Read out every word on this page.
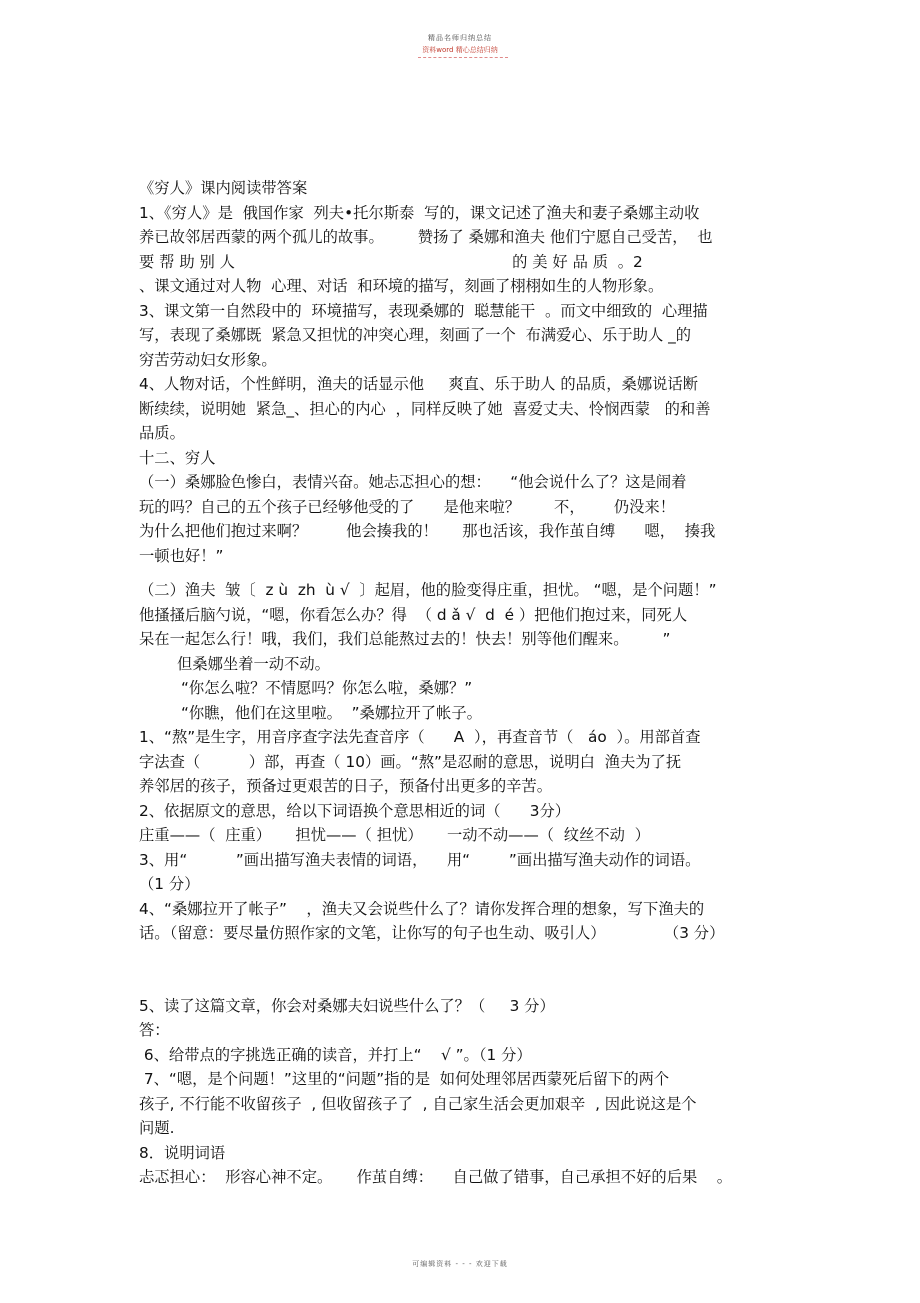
精品名师归纳总结
资料word 精心总结归纳
《穷人》课内阅读带答案
1、《穷人》是  俄国作家  列夫•托尔斯泰  写的，课文记述了渔夫和妻子桑娜主动收
养已故邻居西蒙的两个孤儿的故事。       赞扬了 桑娜和渔夫 他们宁愿自己受苦，  也
要 帮 助 别 人                                                         的 美 好 品 质  。2
、课文通过对人物  心理、对话  和环境的描写，刻画了栩栩如生的人物形象。
3、课文第一自然段中的  环境描写，表现桑娜的  聪慧能干  。而文中细致的  心理描
写，表现了桑娜既  紧急又担忧的冲突心理，刻画了一个  布满爱心、乐于助人 _的
穷苦劳动妇女形象。
4、人物对话，个性鲜明，渔夫的话显示他     爽直、乐于助人 的品质，桑娜说话断
断续续，说明她  紧急_、担心的内心  ，同样反映了她  喜爱丈夫、怜悯西蒙   的和善
品质。
十二、穷人
（一）桑娜脸色惨白，表情兴奋。她忐忑担心的想：    “他会说什么了？这是闹着
玩的吗？自己的五个孩子已经够他受的了      是他来啦？       不，      仍没来！
为什么把他们抱过来啊？        他会揍我的！     那也活该，我作茧自缚      嗯，  揍我
一顿也好！”
（二）渔夫  皱〔  z ù  zh  ù √  〕起眉，他的脸变得庄重，担忧。 “嗯，是个问题！”
他搔搔后脑勺说，“嗯，你看怎么办？得  （ d ǎ √  d  é ）把他们抱过来，同死人
呆在一起怎么行！哦，我们，我们总能熬过去的！快去！别等他们醒来。       ”
但桑娜坐着一动不动。
“你怎么啦？不情愿吗？你怎么啦，桑娜？”
“你瞧，他们在这里啦。  ”桑娜拉开了帐子。
1、“熬”是生字，用音序查字法先查音序（      A  ），再查音节（   áo  ）。用部首查
字法查（          ）部，再查（ 10）画。“熬”是忍耐的意思，说明白  渔夫为了抚
养邻居的孩子，预备过更艰苦的日子，预备付出更多的辛苦。
2、依据原文的意思，给以下词语换个意思相近的词（      3分）
庄重——（  庄重）     担忧——（ 担忧）     一动不动——（  纹丝不动  ）
3、用“          ”画出描写渔夫表情的词语，    用“        ”画出描写渔夫动作的词语。
（1 分）
4、“桑娜拉开了帐子”    ，渔夫又会说些什么了？请你发挥合理的想象，写下渔夫的
话。（留意：要尽量仿照作家的文笔，让你写的句子也生动、吸引人）            （3 分）
5、读了这篇文章，你会对桑娜夫妇说些什么了？（     3 分）
答：
6、给带点的字挑选正确的读音，并打上“    √ ”。（1 分）
7、“嗯，是个问题！”这里的“问题”指的是  如何处理邻居西蒙死后留下的两个
孩子, 不行能不收留孩子  , 但收留孩子了  , 自己家生活会更加艰辛  , 因此说这是个
问题.
8．说明词语
忐忑担心：  形容心神不定。     作茧自缚：    自己做了错事，自己承担不好的后果    。
可编辑资料 - - - 欢迎下载
